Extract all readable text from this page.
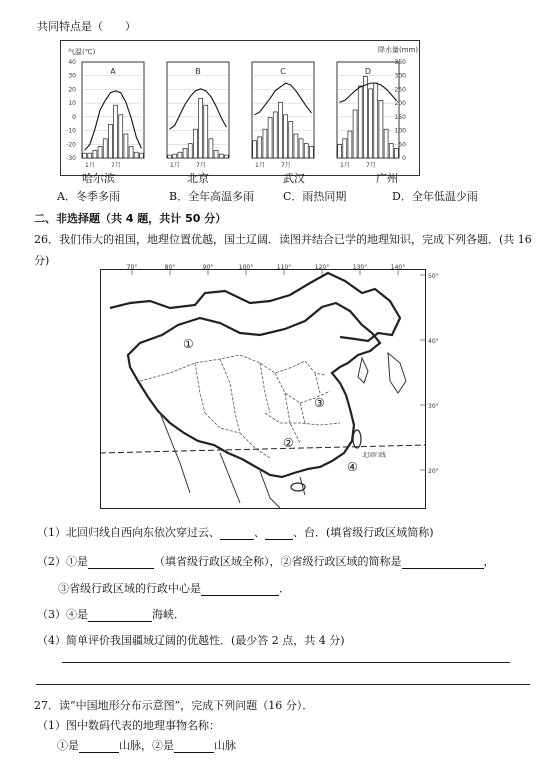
共同特点是（　　）
气温(℃)	降水量(mm)
40
30
20
10
0
-10
-20
-30
350
300
250
200
150
100
50
0
A
1月	7月
B
1月	7月
C
1月	7月
D
1月	7月
哈尔滨	北京	武汉	广州
A．冬季多雨	B．全年高温多雨	C．雨热同期	D．全年低温少雨
二、非选择题（共 4 题，共计 50 分）
26．我们伟大的祖国，地理位置优越，国土辽阔．读图并结合已学的地理知识，完成下列各题．(共 16
分)
70°	80°	90°	100°	110°	120°	130°	140°
50°
40°
30°
20°
北回归线
①
②
③
④
（1）北回归线自西向东依次穿过云、	、	、台．(填省级行政区域简称)
（2）①是	（填省级行政区域全称），②省级行政区域的简称是	，
③省级行政区域的行政中心是	．
（3）④是	海峡．
（4）简单评价我国疆域辽阔的优越性．(最少答 2 点，共 4 分)
27．读“中国地形分布示意图”，完成下列问题（16 分）．
（1）图中数码代表的地理事物名称：
①是	山脉，②是	山脉
